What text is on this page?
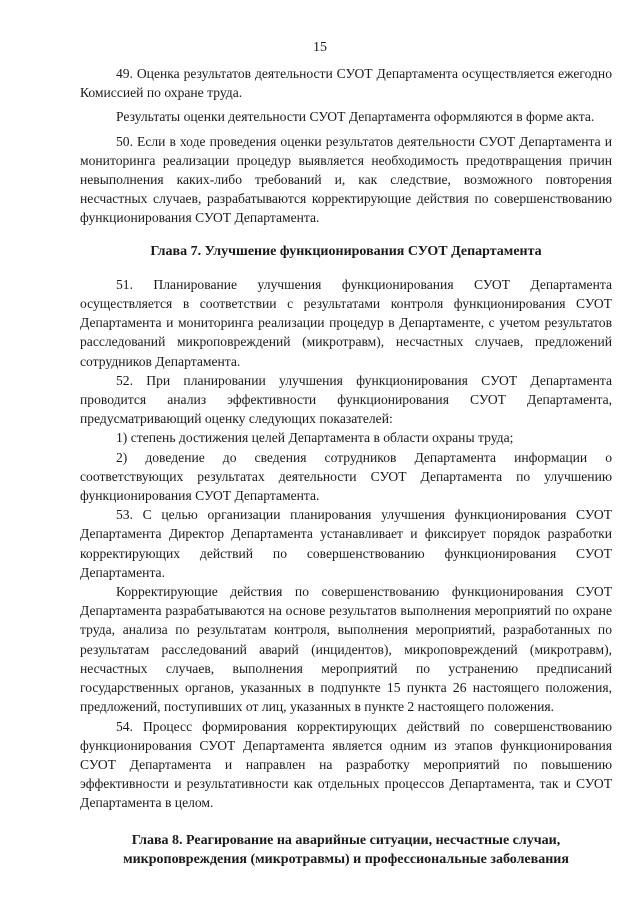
15

49. Оценка результатов деятельности СУОТ Департамента осуществляется ежегодно Комиссией по охране труда.

Результаты оценки деятельности СУОТ Департамента оформляются в форме акта.

50. Если в ходе проведения оценки результатов деятельности СУОТ Департамента и мониторинга реализации процедур выявляется необходимость предотвращения причин невыполнения каких-либо требований и, как следствие, возможного повторения несчастных случаев, разрабатываются корректирующие действия по совершенствованию функционирования СУОТ Департамента.

Глава 7. Улучшение функционирования СУОТ Департамента

51. Планирование улучшения функционирования СУОТ Департамента осуществляется в соответствии с результатами контроля функционирования СУОТ Департамента и мониторинга реализации процедур в Департаменте, с учетом результатов расследований микроповреждений (микротравм), несчастных случаев, предложений сотрудников Департамента.

52. При планировании улучшения функционирования СУОТ Департамента проводится анализ эффективности функционирования СУОТ Департамента, предусматривающий оценку следующих показателей:

1) степень достижения целей Департамента в области охраны труда;

2) доведение до сведения сотрудников Департамента информации о соответствующих результатах деятельности СУОТ Департамента по улучшению функционирования СУОТ Департамента.

53. С целью организации планирования улучшения функционирования СУОТ Департамента Директор Департамента устанавливает и фиксирует порядок разработки корректирующих действий по совершенствованию функционирования СУОТ Департамента.

Корректирующие действия по совершенствованию функционирования СУОТ Департамента разрабатываются на основе результатов выполнения мероприятий по охране труда, анализа по результатам контроля, выполнения мероприятий, разработанных по результатам расследований аварий (инцидентов), микроповреждений (микротравм), несчастных случаев, выполнения мероприятий по устранению предписаний государственных органов, указанных в подпункте 15 пункта 26 настоящего положения, предложений, поступивших от лиц, указанных в пункте 2 настоящего положения.

54. Процесс формирования корректирующих действий по совершенствованию функционирования СУОТ Департамента является одним из этапов функционирования СУОТ Департамента и направлен на разработку мероприятий по повышению эффективности и результативности как отдельных процессов Департамента, так и СУОТ Департамента в целом.

Глава 8. Реагирование на аварийные ситуации, несчастные случаи,
микроповреждения (микротравмы) и профессиональные заболевания
